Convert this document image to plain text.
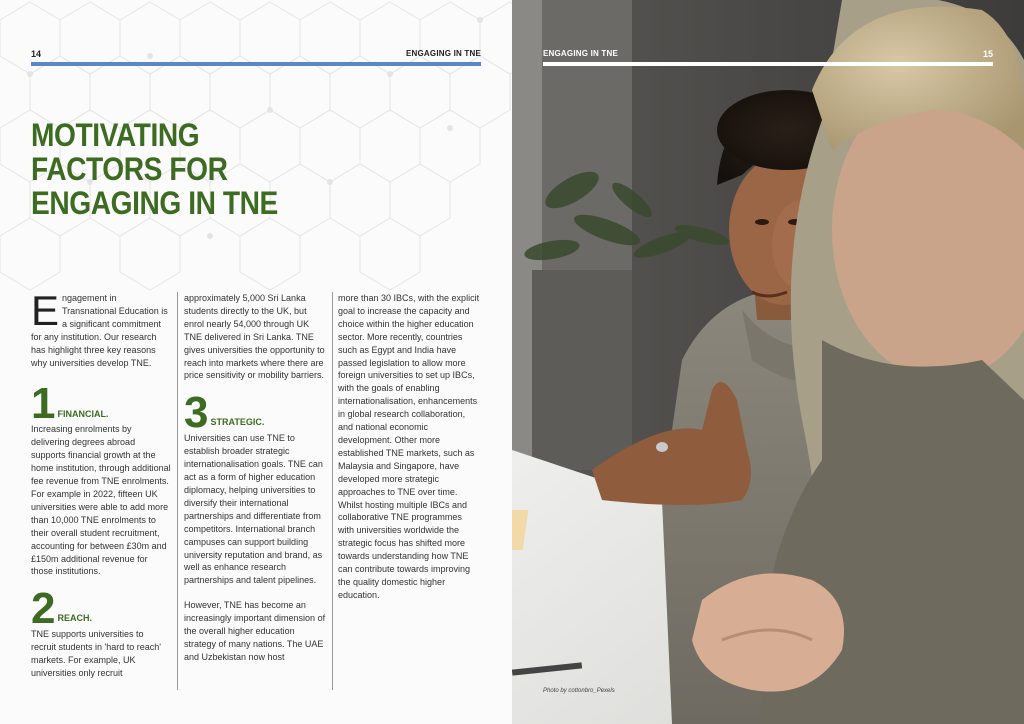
14	ENGAGING IN TNE
MOTIVATING
FACTORS FOR
ENGAGING IN TNE

Engagement in Transnational Education is a significant commitment for any institution. Our research has highlight three key reasons why universities develop TNE.

1 FINANCIAL.

Increasing enrolments by delivering degrees abroad supports financial growth at the home institution, through additional fee revenue from TNE enrolments. For example in 2022, fifteen UK universities were able to add more than 10,000 TNE enrolments to their overall student recruitment, accounting for between £30m and £150m additional revenue for those institutions.

2 REACH.

TNE supports universities to recruit students in 'hard to reach' markets. For example, UK universities only recruit

approximately 5,000 Sri Lanka students directly to the UK, but enrol nearly 54,000 through UK TNE delivered in Sri Lanka. TNE gives universities the opportunity to reach into markets where there are price sensitivity or mobility barriers.

3 STRATEGIC.

Universities can use TNE to establish broader strategic internationalisation goals. TNE can act as a form of higher education diplomacy, helping universities to diversify their international partnerships and differentiate from competitors. International branch campuses can support building university reputation and brand, as well as enhance research partnerships and talent pipelines.

However, TNE has become an increasingly important dimension of the overall higher education strategy of many nations. The UAE and Uzbekistan now host

more than 30 IBCs, with the explicit goal to increase the capacity and choice within the higher education sector. More recently, countries such as Egypt and India have passed legislation to allow more foreign universities to set up IBCs, with the goals of enabling internationalisation, enhancements in global research collaboration, and national economic development. Other more established TNE markets, such as Malaysia and Singapore, have developed more strategic approaches to TNE over time. Whilst hosting multiple IBCs and collaborative TNE programmes with universities worldwide the strategic focus has shifted more towards understanding how TNE can contribute towards improving the quality domestic higher education.

ENGAGING IN TNE	15
Photo by cottonbro_Pexels
